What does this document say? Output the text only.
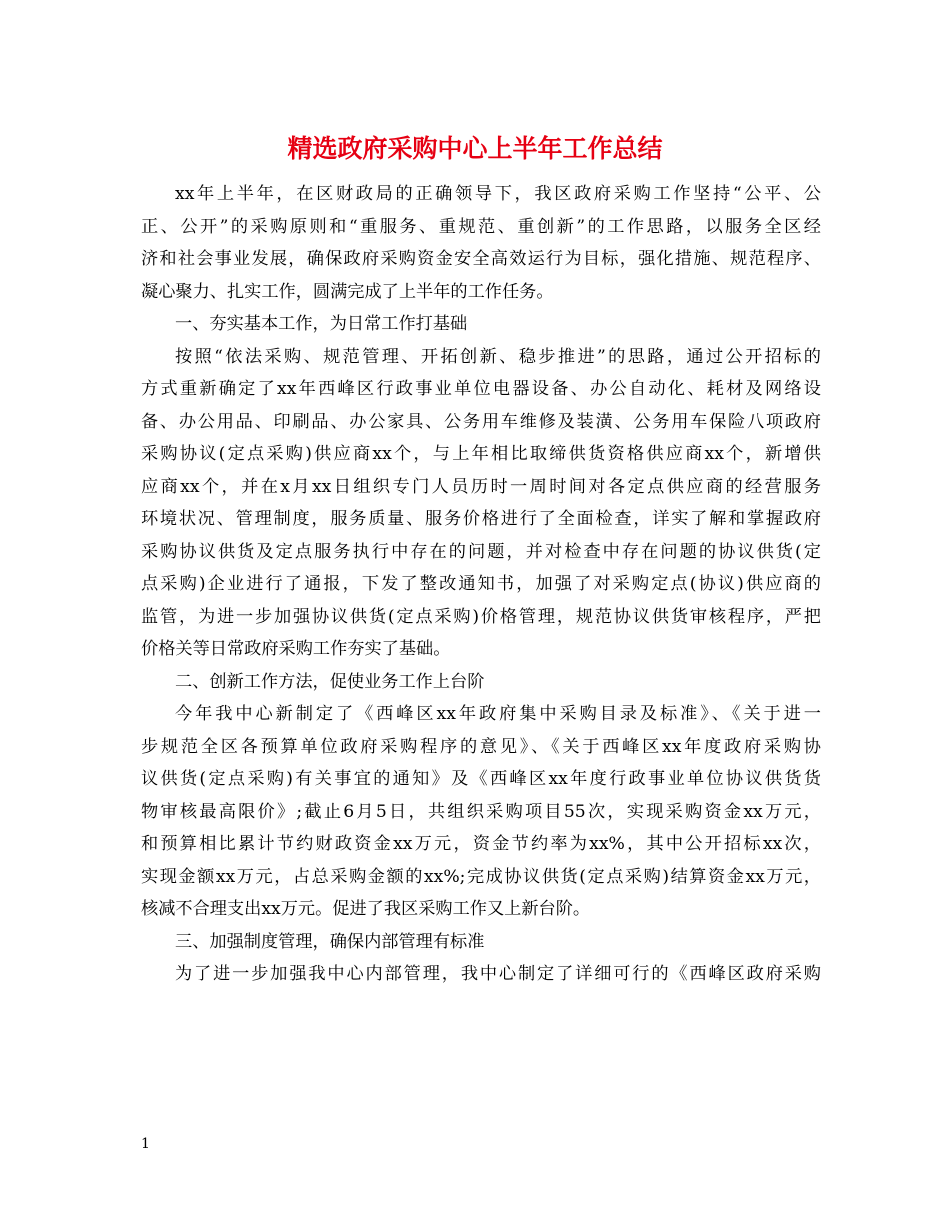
精选政府采购中心上半年工作总结
xx年上半年，在区财政局的正确领导下，我区政府采购工作坚持“公平、公
正、公开”的采购原则和“重服务、重规范、重创新”的工作思路，以服务全区经
济和社会事业发展，确保政府采购资金安全高效运行为目标，强化措施、规范程序、
凝心聚力、扎实工作，圆满完成了上半年的工作任务。
一、夯实基本工作，为日常工作打基础
按照“依法采购、规范管理、开拓创新、稳步推进”的思路，通过公开招标的
方式重新确定了xx年西峰区行政事业单位电器设备、办公自动化、耗材及网络设
备、办公用品、印刷品、办公家具、公务用车维修及装潢、公务用车保险八项政府
采购协议(定点采购)供应商xx个，与上年相比取缔供货资格供应商xx个，新增供
应商xx个，并在x月xx日组织专门人员历时一周时间对各定点供应商的经营服务
环境状况、管理制度，服务质量、服务价格进行了全面检查，详实了解和掌握政府
采购协议供货及定点服务执行中存在的问题，并对检查中存在问题的协议供货(定
点采购)企业进行了通报，下发了整改通知书，加强了对采购定点(协议)供应商的
监管，为进一步加强协议供货(定点采购)价格管理，规范协议供货审核程序，严把
价格关等日常政府采购工作夯实了基础。
二、创新工作方法，促使业务工作上台阶
今年我中心新制定了《西峰区xx年政府集中采购目录及标准》、《关于进一
步规范全区各预算单位政府采购程序的意见》、《关于西峰区xx年度政府采购协
议供货(定点采购)有关事宜的通知》及《西峰区xx年度行政事业单位协议供货货
物审核最高限价》;截止6月5日，共组织采购项目55次，实现采购资金xx万元，
和预算相比累计节约财政资金xx万元，资金节约率为xx%，其中公开招标xx次，
实现金额xx万元，占总采购金额的xx%;完成协议供货(定点采购)结算资金xx万元，
核减不合理支出xx万元。促进了我区采购工作又上新台阶。
三、加强制度管理，确保内部管理有标准
为了进一步加强我中心内部管理，我中心制定了详细可行的《西峰区政府采购

1
